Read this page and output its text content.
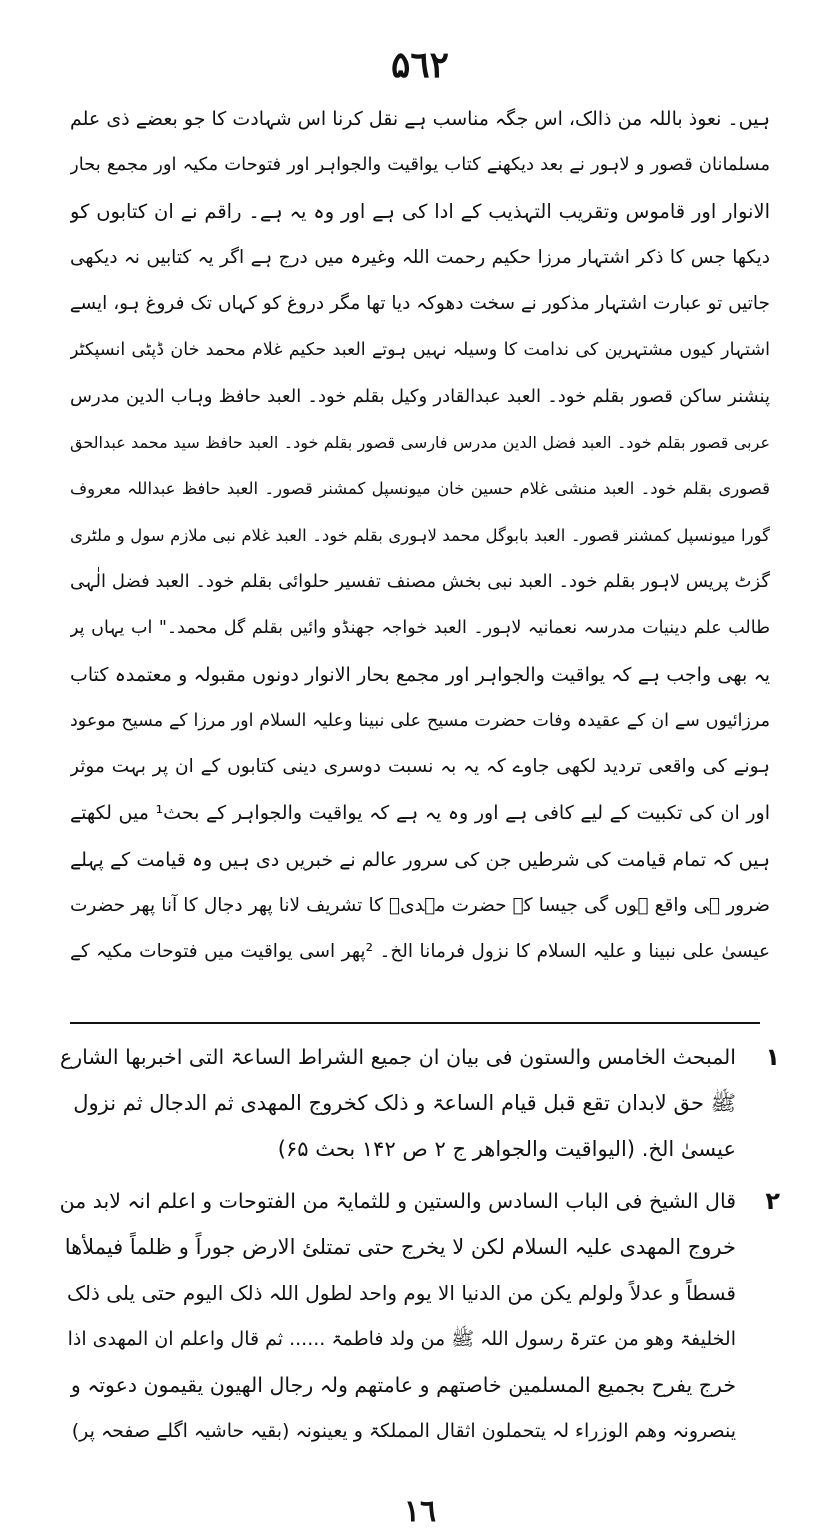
۵٦٢
ہیں۔ نعوذ باللہ من ذالک، اس جگہ مناسب ہے نقل کرنا اس شہادت کا جو بعضے ذی علم
مسلمانان قصور و لاہور نے بعد دیکھنے کتاب یواقیت والجواہر اور فتوحات مکیہ اور مجمع بحار
الانوار اور قاموس وتقریب التہذیب کے ادا کی ہے اور وہ یہ ہے۔ راقم نے ان کتابوں کو
دیکھا جس کا ذکر اشتہار مرزا حکیم رحمت اللہ وغیرہ میں درج ہے اگر یہ کتابیں نہ دیکھی
جاتیں تو عبارت اشتہار مذکور نے سخت دھوکہ دیا تھا مگر دروغ کو کہاں تک فروغ ہو، ایسے
اشتہار کیوں مشتہرین کی ندامت کا وسیلہ نہیں ہوتے العبد حکیم غلام محمد خان ڈپٹی انسپکٹر
پنشنر ساکن قصور بقلم خود۔ العبد عبدالقادر وکیل بقلم خود۔ العبد حافظ وہاب الدین مدرس
عربی قصور بقلم خود۔ العبد فضل الدین مدرس فارسی قصور بقلم خود۔ العبد حافظ سید محمد عبدالحق
قصوری بقلم خود۔ العبد منشی غلام حسین خان میونسپل کمشنر قصور۔ العبد حافظ عبداللہ معروف
گورا میونسپل کمشنر قصور۔ العبد بابوگل محمد لاہوری بقلم خود۔ العبد غلام نبی ملازم سول و ملٹری
گزٹ پریس لاہور بقلم خود۔ العبد نبی بخش مصنف تفسیر حلوائی بقلم خود۔ العبد فضل الٰہی
طالب علم دینیات مدرسہ نعمانیہ لاہور۔ العبد خواجہ جھنڈو وائیں بقلم گل محمد۔" اب یہاں پر
یہ بھی واجب ہے کہ یواقیت والجواہر اور مجمع بحار الانوار دونوں مقبولہ و معتمدہ کتاب
مرزائیوں سے ان کے عقیدہ وفات حضرت مسیح علی نبینا وعلیہ السلام اور مرزا کے مسیح موعود
ہونے کی واقعی تردید لکھی جاوے کہ یہ بہ نسبت دوسری دینی کتابوں کے ان پر بہت موثر
اور ان کی تکبیت کے لیے کافی ہے اور وہ یہ ہے کہ یواقیت والجواہر کے بحث¹ میں لکھتے
ہیں کہ تمام قیامت کی شرطیں جن کی سرور عالم نے خبریں دی ہیں وہ قیامت کے پہلے
ضرور ہی واقع ہوں گی جیسا کہ حضرت مہدیؑ کا تشریف لانا پھر دجال کا آنا پھر حضرت
عیسیٰ علی نبینا و علیہ السلام کا نزول فرمانا الخ۔ ²پھر اسی یواقیت میں فتوحات مکیہ کے
۱
المبحث الخامس والستون فی بیان ان جمیع الشراط الساعۃ التی اخبربھا الشارع
ﷺ حق لابدان تقع قبل قیام الساعۃ و ذلک کخروج المھدی ثم الدجال ثم نزول
عیسیٰ الخ. (الیواقیت والجواھر ج ۲ ص ۱۴۲ بحث ۶۵)
۲
قال الشیخ فی الباب السادس والستین و للثمایۃ من الفتوحات و اعلم انہ لابد من
خروج المھدی علیہ السلام لکن لا یخرج حتی تمتلئ الارض جوراً و ظلماً فیملأھا
قسطاً و عدلاً ولولم یکن من الدنیا الا یوم واحد لطول اللہ ذلک الیوم حتی یلی ذلک
الخلیفۃ وھو من عترۃ رسول اللہ ﷺ من ولد فاطمۃ ...... ثم قال واعلم ان المھدی اذا
خرج یفرح بجمیع المسلمین خاصتھم و عامتھم ولہ رجال الھیون یقیمون دعوتہ و
ینصرونہ وھم الوزراء لہ یتحملون اثقال المملکۃ و یعینونہ (بقیہ حاشیہ اگلے صفحہ پر)
۱٦
